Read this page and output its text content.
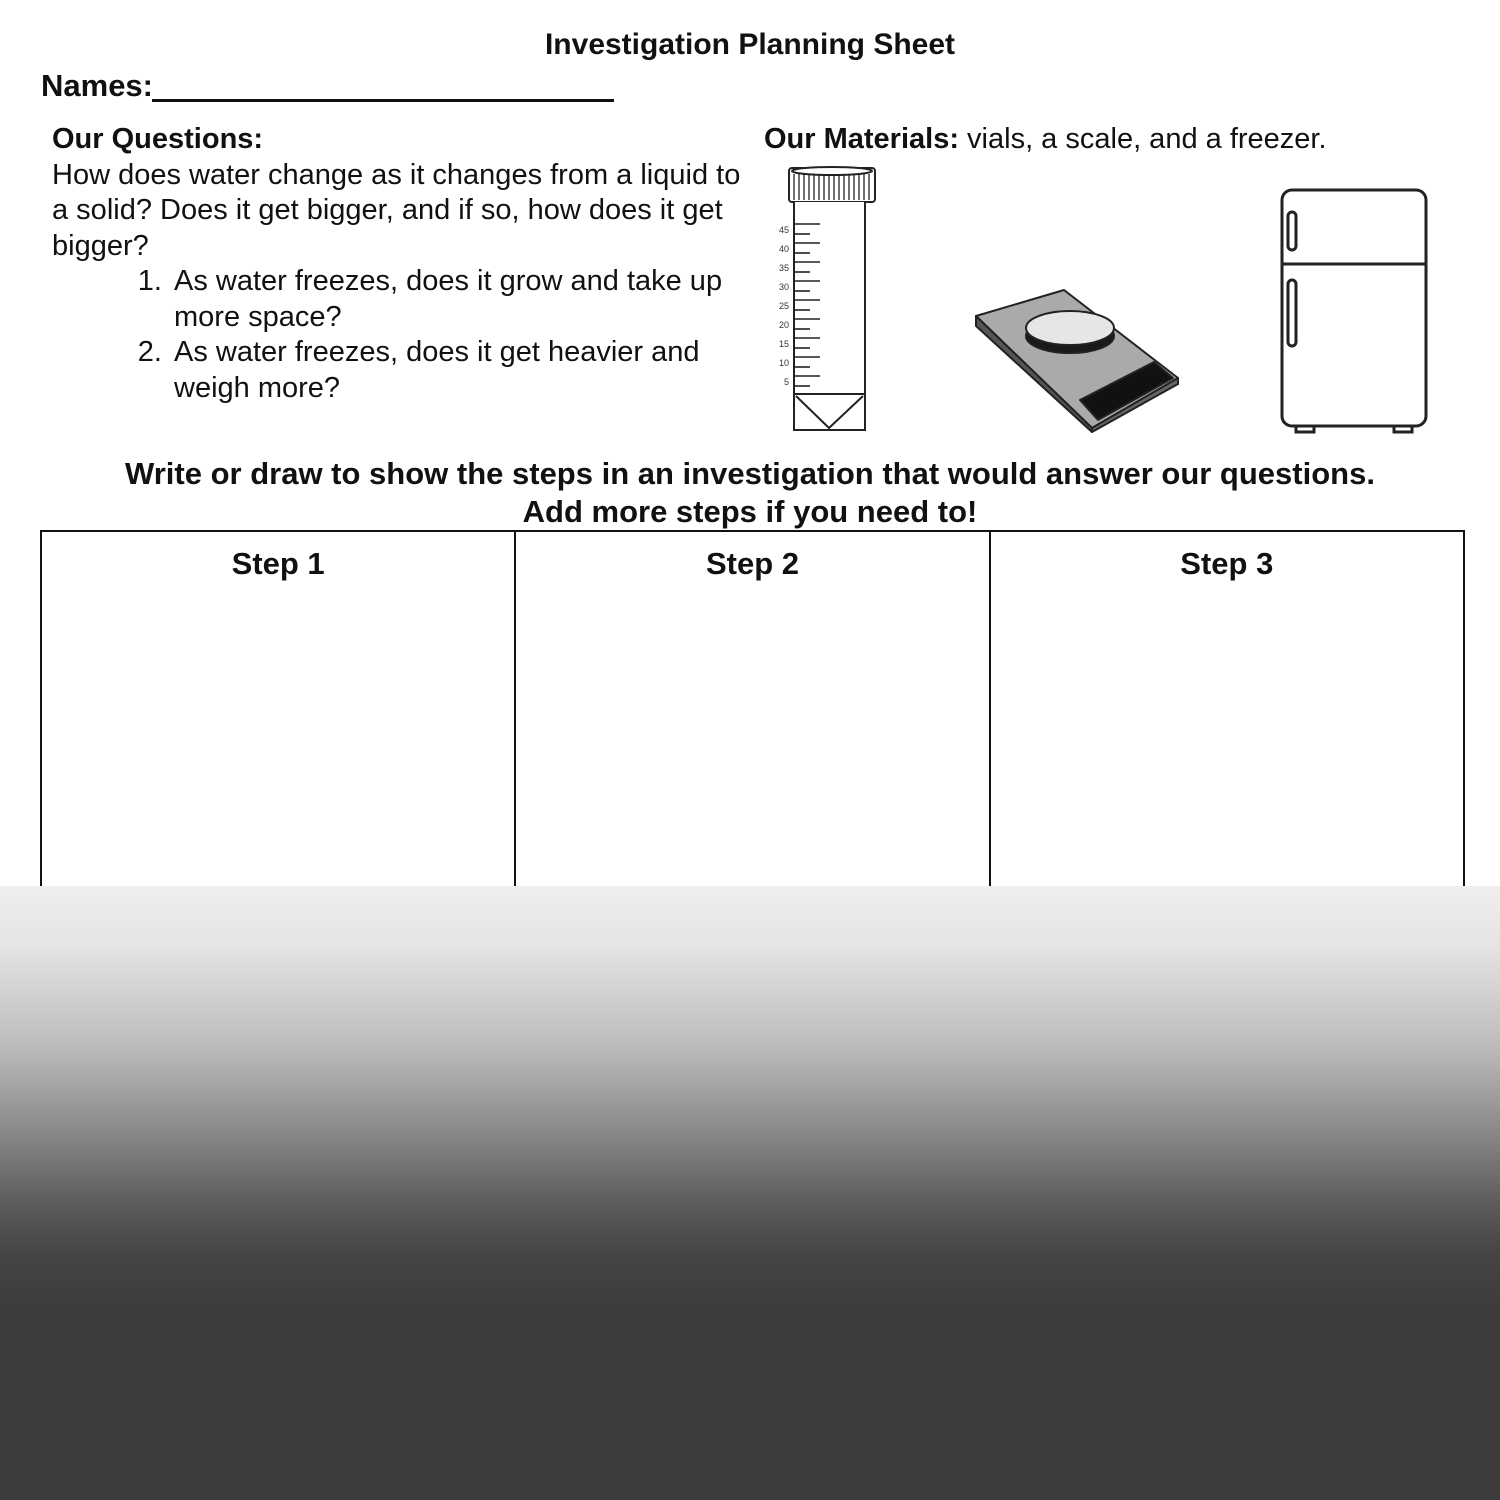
Investigation Planning Sheet
Names:
Our Questions:
How does water change as it changes from a liquid to a solid? Does it get bigger, and if so, how does it get bigger?
1. As water freezes, does it grow and take up more space?
2. As water freezes, does it get heavier and weigh more?
Our Materials: vials, a scale, and a freezer.
45
40
35
30
25
20
15
10
5
Write or draw to show the steps in an investigation that would answer our questions.
Add more steps if you need to!
Step 1	Step 2	Step 3
